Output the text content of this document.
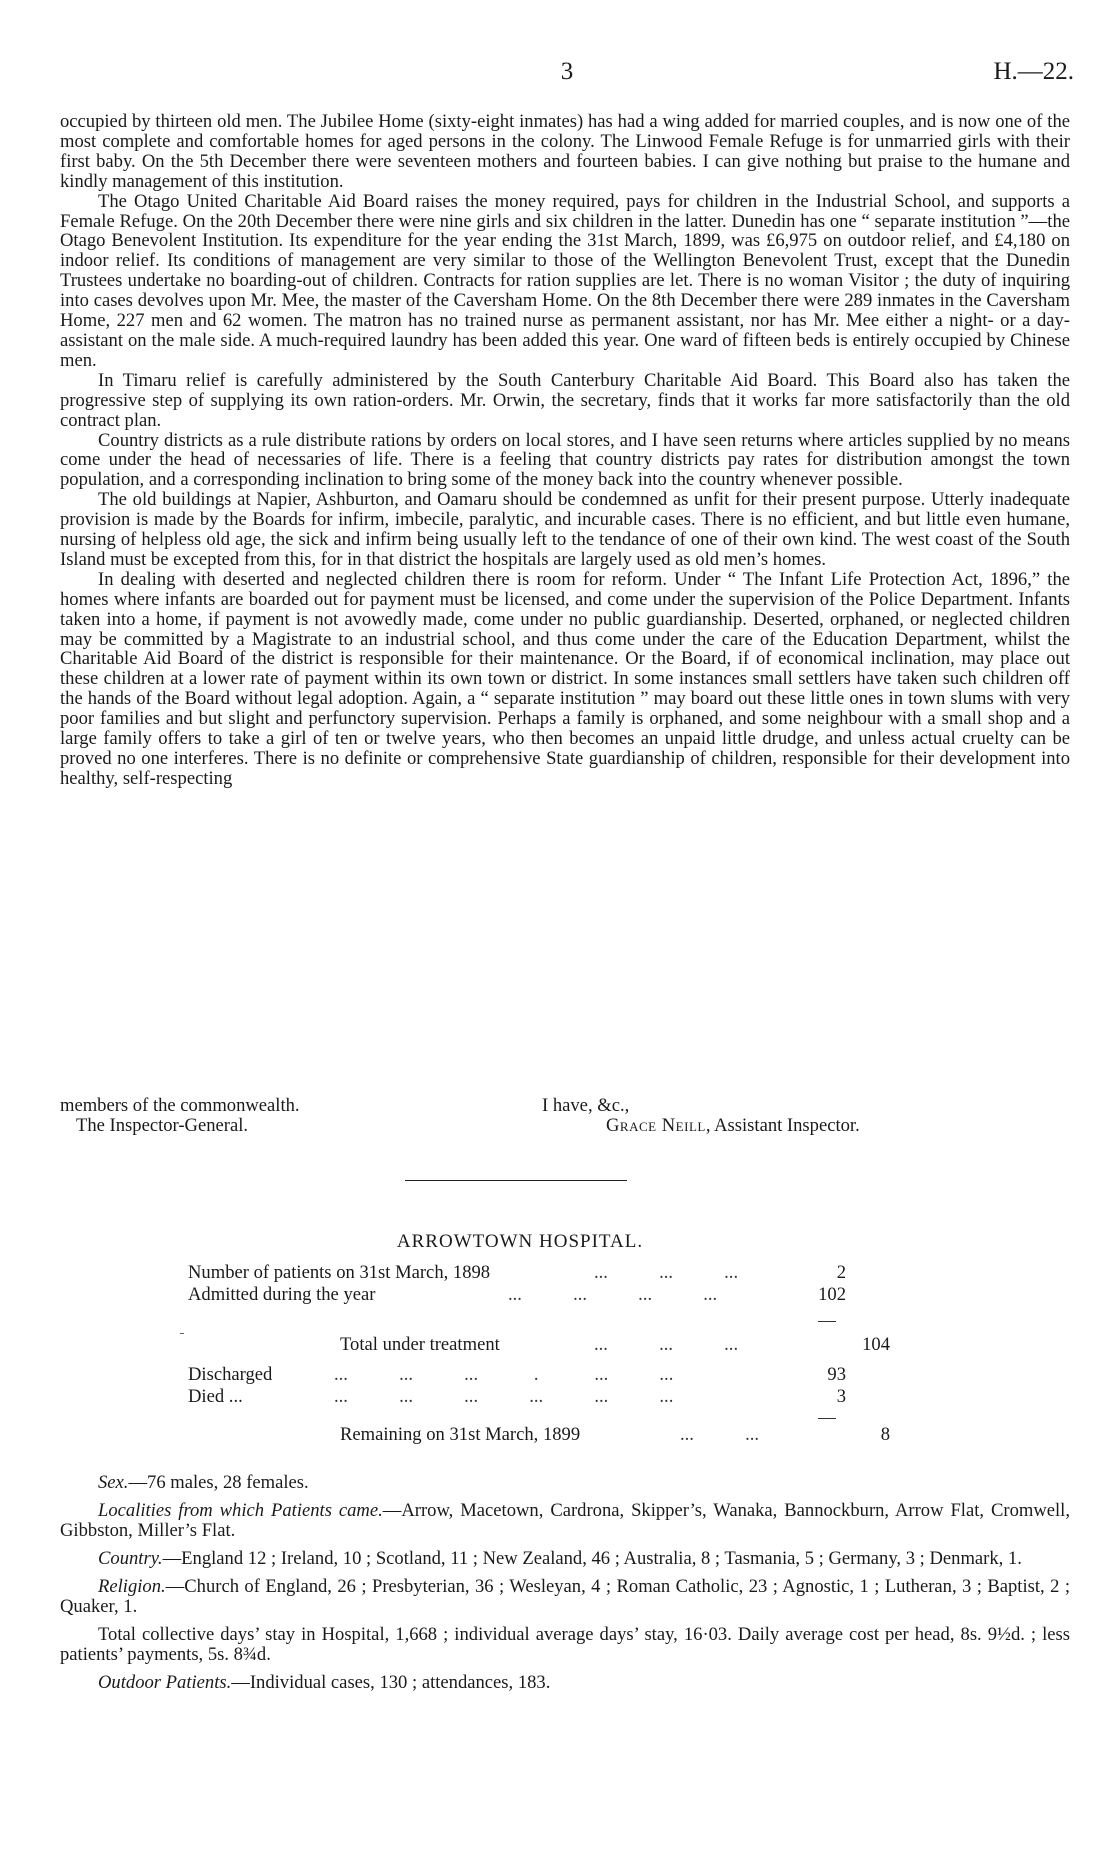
3	H.—22.

occupied by thirteen old men. The Jubilee Home (sixty-eight inmates) has had a wing added for married couples, and is now one of the most complete and comfortable homes for aged persons in the colony. The Linwood Female Refuge is for unmarried girls with their first baby. On the 5th December there were seventeen mothers and fourteen babies. I can give nothing but praise to the humane and kindly management of this institution.

The Otago United Charitable Aid Board raises the money required, pays for children in the Industrial School, and supports a Female Refuge. On the 20th December there were nine girls and six children in the latter. Dunedin has one “ separate institution ”—the Otago Benevolent Institution. Its expenditure for the year ending the 31st March, 1899, was £6,975 on outdoor relief, and £4,180 on indoor relief. Its conditions of management are very similar to those of the Wellington Benevolent Trust, except that the Dunedin Trustees undertake no boarding-out of children. Contracts for ration supplies are let. There is no woman Visitor ; the duty of inquiring into cases devolves upon Mr. Mee, the master of the Caversham Home. On the 8th December there were 289 inmates in the Caversham Home, 227 men and 62 women. The matron has no trained nurse as permanent assistant, nor has Mr. Mee either a night- or a day-assistant on the male side. A much-required laundry has been added this year. One ward of fifteen beds is entirely occupied by Chinese men.

In Timaru relief is carefully administered by the South Canterbury Charitable Aid Board. This Board also has taken the progressive step of supplying its own ration-orders. Mr. Orwin, the secretary, finds that it works far more satisfactorily than the old contract plan.

Country districts as a rule distribute rations by orders on local stores, and I have seen returns where articles supplied by no means come under the head of necessaries of life. There is a feeling that country districts pay rates for distribution amongst the town population, and a corresponding inclination to bring some of the money back into the country whenever possible.

The old buildings at Napier, Ashburton, and Oamaru should be condemned as unfit for their present purpose. Utterly inadequate provision is made by the Boards for infirm, imbecile, paralytic, and incurable cases. There is no efficient, and but little even humane, nursing of helpless old age, the sick and infirm being usually left to the tendance of one of their own kind. The west coast of the South Island must be excepted from this, for in that district the hospitals are largely used as old men’s homes.

In dealing with deserted and neglected children there is room for reform. Under “ The Infant Life Protection Act, 1896,” the homes where infants are boarded out for payment must be licensed, and come under the supervision of the Police Department. Infants taken into a home, if payment is not avowedly made, come under no public guardianship. Deserted, orphaned, or neglected children may be committed by a Magistrate to an industrial school, and thus come under the care of the Education Department, whilst the Charitable Aid Board of the district is responsible for their maintenance. Or the Board, if of economical inclination, may place out these children at a lower rate of payment within its own town or district. In some instances small settlers have taken such children off the hands of the Board without legal adoption. Again, a “ separate institution ” may board out these little ones in town slums with very poor families and but slight and perfunctory supervision. Perhaps a family is orphaned, and some neighbour with a small shop and a large family offers to take a girl of ten or twelve years, who then becomes an unpaid little drudge, and unless actual cruelty can be proved no one interferes. There is no definite or comprehensive State guardianship of children, responsible for their development into healthy, self-respecting

members of the commonwealth.	I have, &c.,
The Inspector-General.	Grace Neill, Assistant Inspector.
ARROWTOWN HOSPITAL.
Number of patients on 31st March, 1898	...           ...           ...	2
Admitted during the year	...           ...           ...           ...	102
Total under treatment	...           ...           ...	104
Discharged	...           ...           ...            .            ...           ...	93
Died ...	...           ...           ...           ...           ...           ...	3
Remaining on 31st March, 1899	...           ...	8

Sex.—76 males, 28 females.

Localities from which Patients came.—Arrow, Macetown, Cardrona, Skipper’s, Wanaka, Bannockburn, Arrow Flat, Cromwell, Gibbston, Miller’s Flat.

Country.—England 12 ; Ireland, 10 ; Scotland, 11 ; New Zealand, 46 ; Australia, 8 ; Tasmania, 5 ; Germany, 3 ; Denmark, 1.

Religion.—Church of England, 26 ; Presbyterian, 36 ; Wesleyan, 4 ; Roman Catholic, 23 ; Agnostic, 1 ; Lutheran, 3 ; Baptist, 2 ; Quaker, 1.

Total collective days’ stay in Hospital, 1,668 ; individual average days’ stay, 16·03. Daily average cost per head, 8s. 9½d. ; less patients’ payments, 5s. 8¾d.

Outdoor Patients.—Individual cases, 130 ; attendances, 183.
